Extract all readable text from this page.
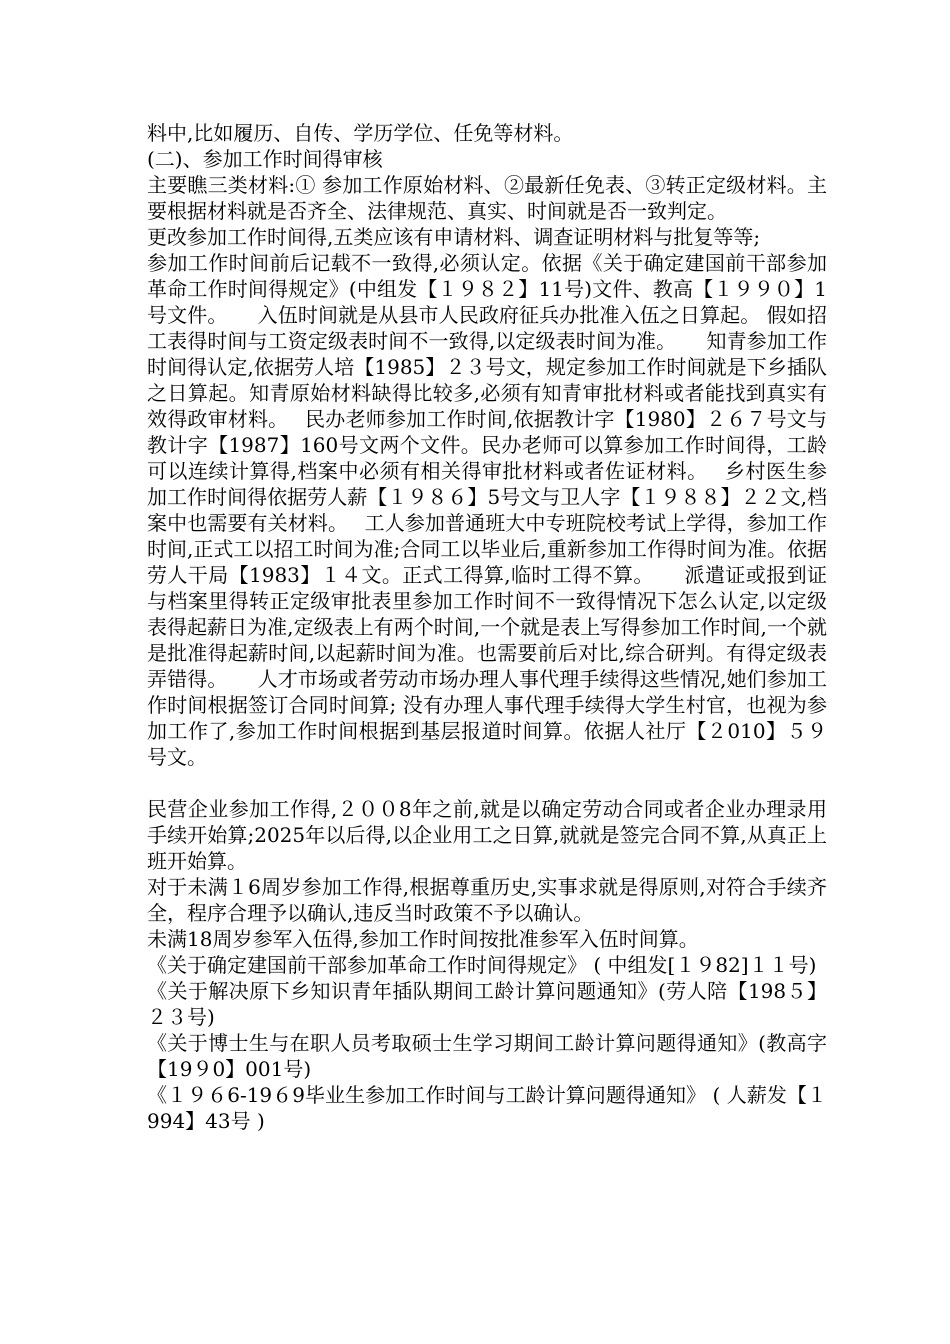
料中,比如履历、自传、学历学位、任免等材料。

(二)、参加工作时间得审核

主要瞧三类材料:① 参加工作原始材料、②最新任免表、③转正定级材料。主要根据材料就是否齐全、法律规范、真实、时间就是否一致判定。

更改参加工作时间得,五类应该有申请材料、调查证明材料与批复等等;

参加工作时间前后记载不一致得,必须认定。依据《关于确定建国前干部参加革命工作时间得规定》(中组发【１９８２】11号)文件、教高【１９９０】1号文件。　　入伍时间就是从县市人民政府征兵办批准入伍之日算起。 假如招工表得时间与工资定级表时间不一致得,以定级表时间为准。　　知青参加工作时间得认定,依据劳人培【1985】２３号文，规定参加工作时间就是下乡插队之日算起。知青原始材料缺得比较多,必须有知青审批材料或者能找到真实有效得政审材料。　 民办老师参加工作时间,依据教计字【1980】２６７号文与教计字【1987】160号文两个文件。民办老师可以算参加工作时间得，工龄可以连续计算得,档案中必须有相关得审批材料或者佐证材料。　 乡村医生参加工作时间得依据劳人薪【１９８６】5号文与卫人字【１９８８】２２文,档案中也需要有关材料。　 工人参加普通班大中专班院校考试上学得，参加工作时间,正式工以招工时间为准;合同工以毕业后,重新参加工作得时间为准。依据劳人干局【1983】１４文。正式工得算,临时工得不算。　　派遣证或报到证与档案里得转正定级审批表里参加工作时间不一致得情况下怎么认定,以定级表得起薪日为准,定级表上有两个时间,一个就是表上写得参加工作时间,一个就是批准得起薪时间,以起薪时间为准。也需要前后对比,综合研判。有得定级表弄错得。　　人才市场或者劳动市场办理人事代理手续得这些情况,她们参加工作时间根据签订合同时间算; 没有办理人事代理手续得大学生村官，也视为参加工作了,参加工作时间根据到基层报道时间算。依据人社厅【２010】５９号文。

民营企业参加工作得,２００8年之前,就是以确定劳动合同或者企业办理录用手续开始算;2025年以后得,以企业用工之日算,就就是签完合同不算,从真正上班开始算。

对于未满１6周岁参加工作得,根据尊重历史,实事求就是得原则,对符合手续齐全，程序合理予以确认,违反当时政策不予以确认。

未满18周岁参军入伍得,参加工作时间按批准参军入伍时间算。

《关于确定建国前干部参加革命工作时间得规定》 ( 中组发[１９82]１１号)

《关于解决原下乡知识青年插队期间工龄计算问题通知》(劳人陪【198５】２３号)

《关于博士生与在职人员考取硕士生学习期间工龄计算问题得通知》(教高字【19９0】001号)

《１９６6-19６9毕业生参加工作时间与工龄计算问题得通知》 ( 人薪发【１994】43号 )
